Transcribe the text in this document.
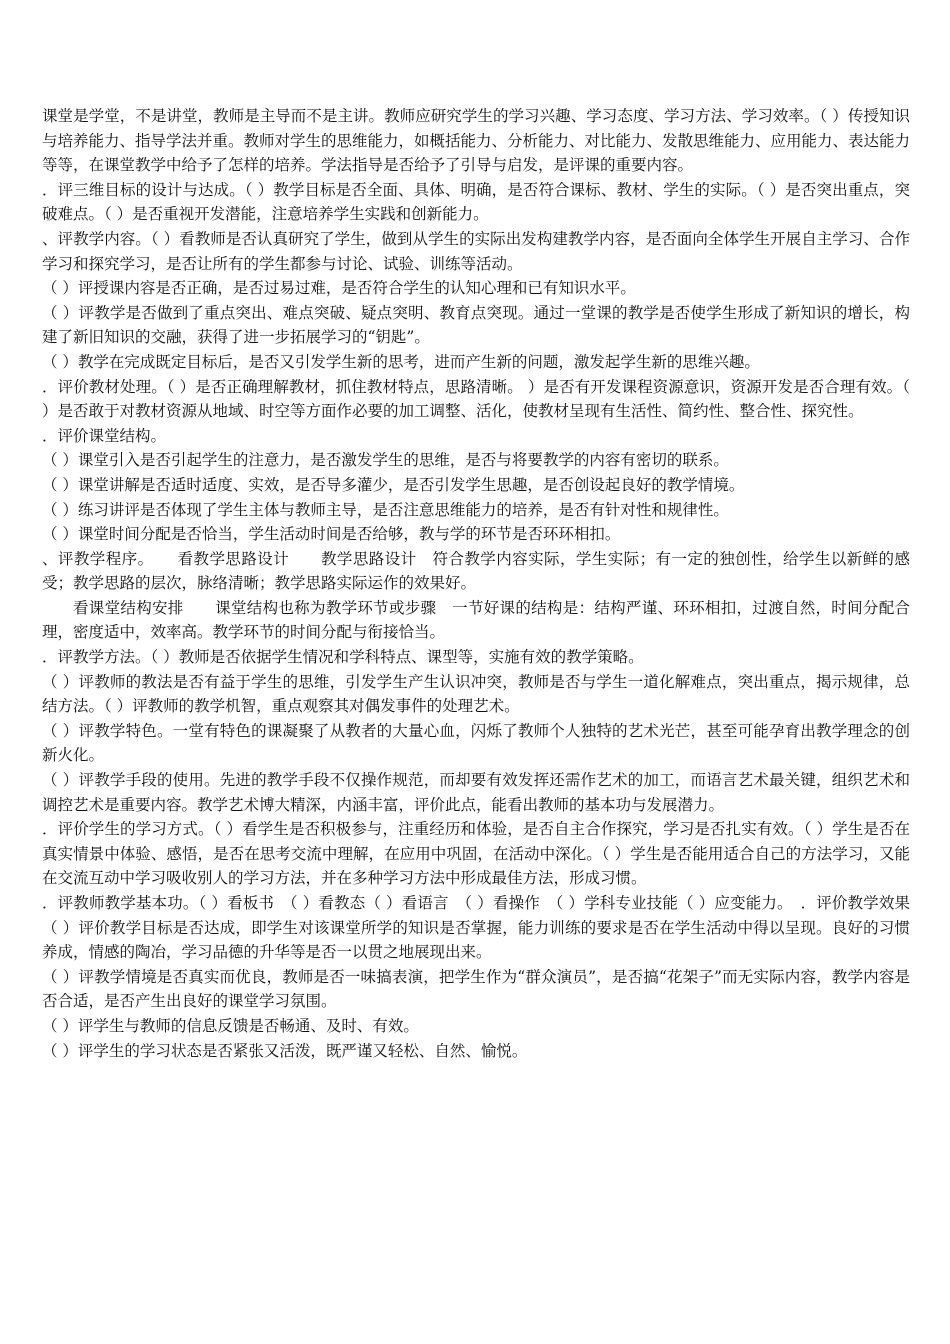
课堂是学堂，不是讲堂，教师是主导而不是主讲。教师应研究学生的学习兴趣、学习态度、学习方法、学习效率。（ ）传授知识与培养能力、指导学法并重。教师对学生的思维能力，如概括能力、分析能力、对比能力、发散思维能力、应用能力、表达能力等等，在课堂教学中给予了怎样的培养。学法指导是否给予了引导与启发，是评课的重要内容。

．评三维目标的设计与达成。（ ）教学目标是否全面、具体、明确，是否符合课标、教材、学生的实际。（ ）是否突出重点，突破难点。（ ）是否重视开发潜能，注意培养学生实践和创新能力。

、评教学内容。（ ）看教师是否认真研究了学生，做到从学生的实际出发构建教学内容，是否面向全体学生开展自主学习、合作学习和探究学习，是否让所有的学生都参与讨论、试验、训练等活动。

（ ）评授课内容是否正确，是否过易过难，是否符合学生的认知心理和已有知识水平。

（ ）评教学是否做到了重点突出、难点突破、疑点突明、教育点突现。通过一堂课的教学是否使学生形成了新知识的增长，构建了新旧知识的交融，获得了进一步拓展学习的“钥匙”。

（ ）教学在完成既定目标后，是否又引发学生新的思考，进而产生新的问题，激发起学生新的思维兴趣。

．评价教材处理。（ ）是否正确理解教材，抓住教材特点，思路清晰。 ）是否有开发课程资源意识，资源开发是否合理有效。（ ）是否敢于对教材资源从地域、时空等方面作必要的加工调整、活化，使教材呈现有生活性、简约性、整合性、探究性。

．评价课堂结构。

（ ）课堂引入是否引起学生的注意力，是否激发学生的思维，是否与将要教学的内容有密切的联系。

（ ）课堂讲解是否适时适度、实效，是否导多灌少，是否引发学生思趣，是否创设起良好的教学情境。

（ ）练习讲评是否体现了学生主体与教师主导，是否注意思维能力的培养，是否有针对性和规律性。

（ ）课堂时间分配是否恰当，学生活动时间是否给够，教与学的环节是否环环相扣。

、评教学程序。　　看教学思路设计　　教学思路设计　符合教学内容实际，学生实际；有一定的独创性，给学生以新鲜的感受；教学思路的层次，脉络清晰；教学思路实际运作的效果好。

看课堂结构安排　　课堂结构也称为教学环节或步骤　一节好课的结构是：结构严谨、环环相扣，过渡自然，时间分配合理，密度适中，效率高。教学环节的时间分配与衔接恰当。

．评教学方法。（ ）教师是否依据学生情况和学科特点、课型等，实施有效的教学策略。

（ ）评教师的教法是否有益于学生的思维，引发学生产生认识冲突，教师是否与学生一道化解难点，突出重点，揭示规律，总结方法。（ ）评教师的教学机智，重点观察其对偶发事件的处理艺术。

（ ）评教学特色。一堂有特色的课凝聚了从教者的大量心血，闪烁了教师个人独特的艺术光芒，甚至可能孕育出教学理念的创新火化。

（ ）评教学手段的使用。先进的教学手段不仅操作规范，而却要有效发挥还需作艺术的加工，而语言艺术最关键，组织艺术和调控艺术是重要内容。教学艺术博大精深，内涵丰富，评价此点，能看出教师的基本功与发展潜力。

．评价学生的学习方式。（ ）看学生是否积极参与，注重经历和体验，是否自主合作探究，学习是否扎实有效。（ ）学生是否在真实情景中体验、感悟，是否在思考交流中理解，在应用中巩固，在活动中深化。（ ）学生是否能用适合自己的方法学习，又能在交流互动中学习吸收别人的学习方法，并在多种学习方法中形成最佳方法，形成习惯。

．评教师教学基本功。（ ）看板书　（ ）看教态（ ）看语言　（ ）看操作　（ ）学科专业技能（ ）应变能力。　．评价教学效果（ ）评价教学目标是否达成，即学生对该课堂所学的知识是否掌握，能力训练的要求是否在学生活动中得以呈现。良好的习惯养成，情感的陶冶，学习品德的升华等是否一以贯之地展现出来。

（ ）评教学情境是否真实而优良，教师是否一味搞表演，把学生作为“群众演员”，是否搞“花架子”而无实际内容，教学内容是否合适，是否产生出良好的课堂学习氛围。

（ ）评学生与教师的信息反馈是否畅通、及时、有效。

（ ）评学生的学习状态是否紧张又活泼，既严谨又轻松、自然、愉悦。
